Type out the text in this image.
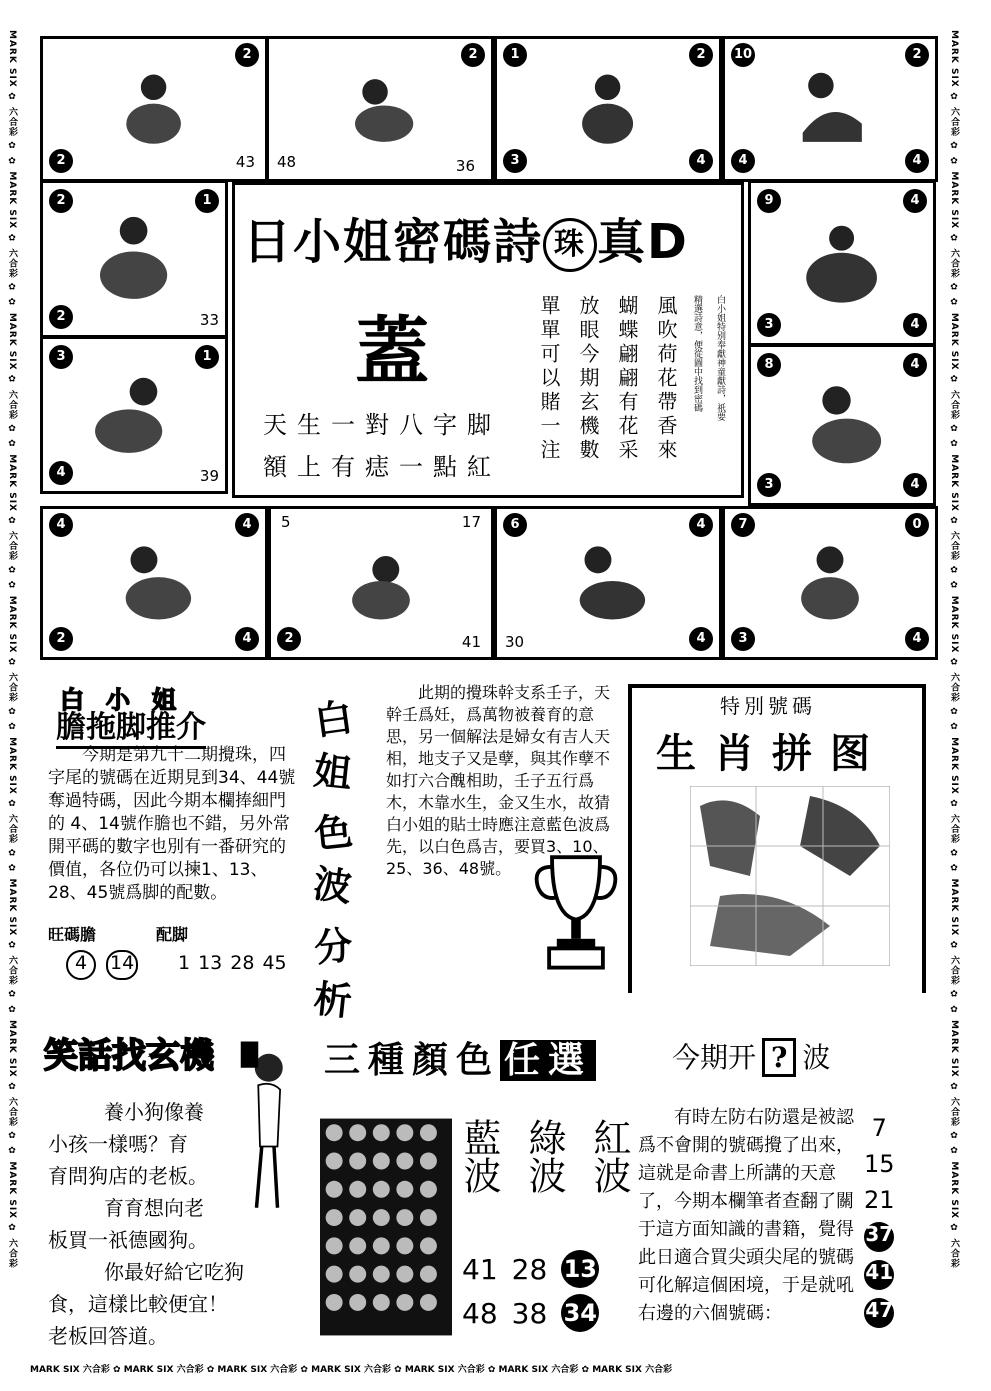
MARK SIX ✿ 六合彩 ✿ ✿ MARK SIX ✿ 六合彩 ✿ ✿ MARK SIX ✿ 六合彩 ✿ ✿ MARK SIX ✿ 六合彩 ✿ ✿ MARK SIX ✿ 六合彩 ✿ ✿ MARK SIX ✿ 六合彩 ✿ ✿ MARK SIX ✿ 六合彩 ✿ ✿ MARK SIX ✿ 六合彩 ✿ ✿ MARK SIX ✿ 六合彩
MARK SIX ✿ 六合彩 ✿ ✿ MARK SIX ✿ 六合彩 ✿ ✿ MARK SIX ✿ 六合彩 ✿ ✿ MARK SIX ✿ 六合彩 ✿ ✿ MARK SIX ✿ 六合彩 ✿ ✿ MARK SIX ✿ 六合彩 ✿ ✿ MARK SIX ✿ 六合彩 ✿ ✿ MARK SIX ✿ 六合彩 ✿ ✿ MARK SIX ✿ 六合彩
MARK SIX 六合彩 ✿ MARK SIX 六合彩 ✿ MARK SIX 六合彩 ✿ MARK SIX 六合彩 ✿ MARK SIX 六合彩 ✿ MARK SIX 六合彩 ✿ MARK SIX 六合彩
2
2	43
2
48	36
1	2
3	4
10	2
4	4
2	1
2	33
3	1
4	39
9	4
3	4
8	4
3	4
日小姐密碼詩 珠 真D
蓋
天生一對八字脚
額上有痣一點紅
白小姐特别奉獻神童獻詩，祇要
精選詩意，便從圖中找到密碼
風吹荷花帶香來
蝴蝶翩翩有花采
放眼今期玄機數
單單可以賭一注
4	4
2	4
5	17
2	41
6	4
30	4
7	0
3	4
白小姐
膽拖脚推介
今期是第九十二期攪珠，四字尾的號碼在近期見到34、44號奪過特碼，因此今期本欄捧細門的 4、14號作膽也不錯，另外常開平碼的數字也別有一番研究的價值，各位仍可以揀1、13、28、45號爲脚的配數。
旺碼膽	配脚
4	14 1 13 28 45
白
姐
色
波
分
析
此期的攪珠幹支系壬子，天幹壬爲妊，爲萬物被養育的意思，另一個解法是婦女有吉人天相，地支子又是孽，與其作孽不如打六合醜相助，壬子五行爲木，木靠水生，金又生水，故猜白小姐的貼士時應注意藍色波爲先，以白色爲吉，要買3、10、25、36、48號。
特別號碼
生肖拼图
笑話找玄機
養小狗像養
小孩一樣嗎？育
育問狗店的老板。
育育想向老
板買一祇德國狗。
你最好給它吃狗
食，這樣比較便宜！
老板回答道。
三種顏色 任選
藍波 綠波 紅波
41 28 13
48 38 34
今期开 ? 波
有時左防右防還是被認爲不會開的號碼攪了出來，這就是命書上所講的天意了，今期本欄筆者查翻了關于這方面知識的書籍，覺得此日適合買尖頭尖尾的號碼可化解這個困境，于是就吼右邊的六個號碼：
7
15
21
37
41
47
